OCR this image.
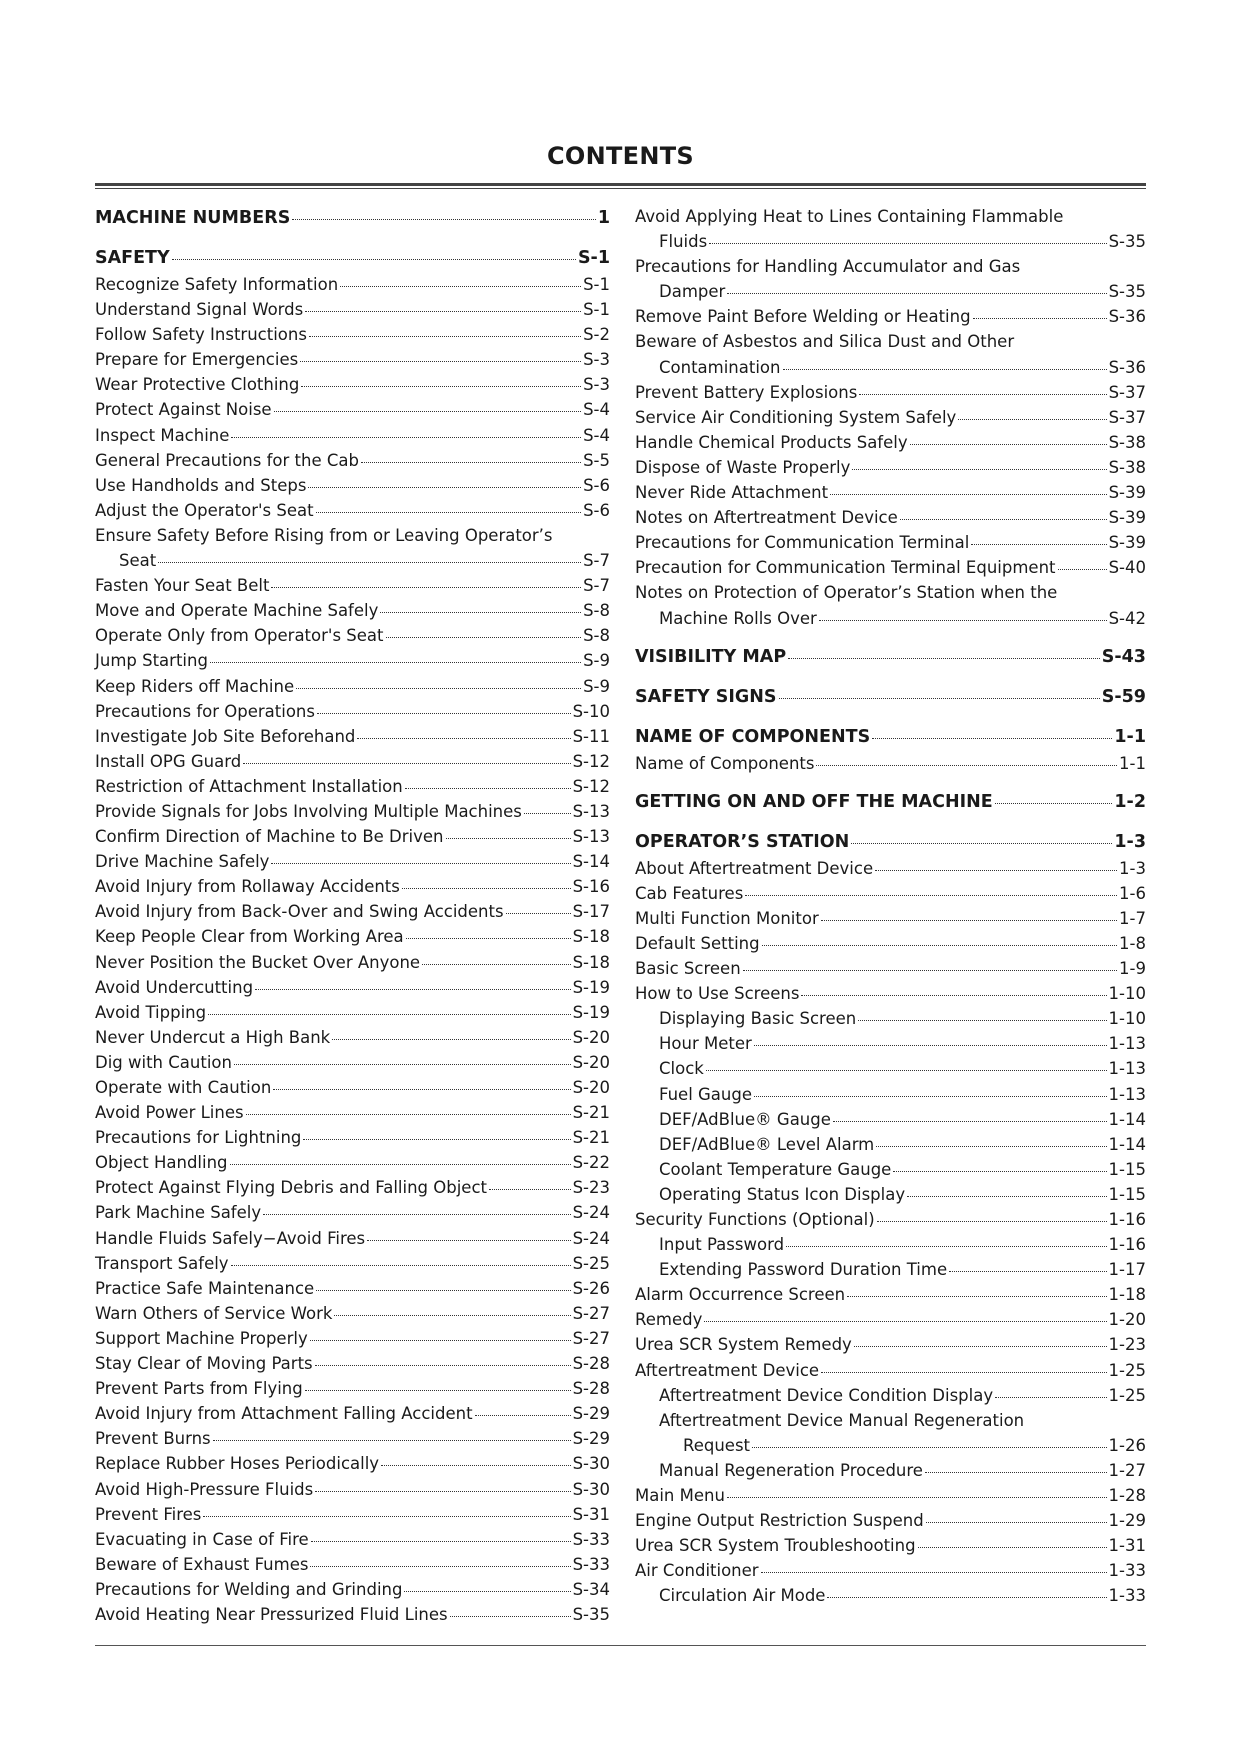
CONTENTS
MACHINE NUMBERS	1
SAFETY	S-1
Recognize Safety Information	S-1
Understand Signal Words	S-1
Follow Safety Instructions	S-2
Prepare for Emergencies	S-3
Wear Protective Clothing	S-3
Protect Against Noise	S-4
Inspect Machine	S-4
General Precautions for the Cab	S-5
Use Handholds and Steps	S-6
Adjust the Operator's Seat	S-6
Ensure Safety Before Rising from or Leaving Operator’s
Seat	S-7
Fasten Your Seat Belt	S-7
Move and Operate Machine Safely	S-8
Operate Only from Operator's Seat	S-8
Jump Starting	S-9
Keep Riders off Machine	S-9
Precautions for Operations	S-10
Investigate Job Site Beforehand	S-11
Install OPG Guard	S-12
Restriction of Attachment Installation	S-12
Provide Signals for Jobs Involving Multiple Machines	S-13
Confirm Direction of Machine to Be Driven	S-13
Drive Machine Safely	S-14
Avoid Injury from Rollaway Accidents	S-16
Avoid Injury from Back-Over and Swing Accidents	S-17
Keep People Clear from Working Area	S-18
Never Position the Bucket Over Anyone	S-18
Avoid Undercutting	S-19
Avoid Tipping	S-19
Never Undercut a High Bank	S-20
Dig with Caution	S-20
Operate with Caution	S-20
Avoid Power Lines	S-21
Precautions for Lightning	S-21
Object Handling	S-22
Protect Against Flying Debris and Falling Object	S-23
Park Machine Safely	S-24
Handle Fluids Safely−Avoid Fires	S-24
Transport Safely	S-25
Practice Safe Maintenance	S-26
Warn Others of Service Work	S-27
Support Machine Properly	S-27
Stay Clear of Moving Parts	S-28
Prevent Parts from Flying	S-28
Avoid Injury from Attachment Falling Accident	S-29
Prevent Burns	S-29
Replace Rubber Hoses Periodically	S-30
Avoid High-Pressure Fluids	S-30
Prevent Fires	S-31
Evacuating in Case of Fire	S-33
Beware of Exhaust Fumes	S-33
Precautions for Welding and Grinding	S-34
Avoid Heating Near Pressurized Fluid Lines	S-35
Avoid Applying Heat to Lines Containing Flammable
Fluids	S-35
Precautions for Handling Accumulator and Gas
Damper	S-35
Remove Paint Before Welding or Heating	S-36
Beware of Asbestos and Silica Dust and Other
Contamination	S-36
Prevent Battery Explosions	S-37
Service Air Conditioning System Safely	S-37
Handle Chemical Products Safely	S-38
Dispose of Waste Properly	S-38
Never Ride Attachment	S-39
Notes on Aftertreatment Device	S-39
Precautions for Communication Terminal	S-39
Precaution for Communication Terminal Equipment	S-40
Notes on Protection of Operator’s Station when the
Machine Rolls Over	S-42
VISIBILITY MAP	S-43
SAFETY SIGNS	S-59
NAME OF COMPONENTS	1-1
Name of Components	1-1
GETTING ON AND OFF THE MACHINE	1-2
OPERATOR’S STATION	1-3
About Aftertreatment Device	1-3
Cab Features	1-6
Multi Function Monitor	1-7
Default Setting	1-8
Basic Screen	1-9
How to Use Screens	1-10
Displaying Basic Screen	1-10
Hour Meter	1-13
Clock	1-13
Fuel Gauge	1-13
DEF/AdBlue® Gauge	1-14
DEF/AdBlue® Level Alarm	1-14
Coolant Temperature Gauge	1-15
Operating Status Icon Display	1-15
Security Functions (Optional)	1-16
Input Password	1-16
Extending Password Duration Time	1-17
Alarm Occurrence Screen	1-18
Remedy	1-20
Urea SCR System Remedy	1-23
Aftertreatment Device	1-25
Aftertreatment Device Condition Display	1-25
Aftertreatment Device Manual Regeneration
Request	1-26
Manual Regeneration Procedure	1-27
Main Menu	1-28
Engine Output Restriction Suspend	1-29
Urea SCR System Troubleshooting	1-31
Air Conditioner	1-33
Circulation Air Mode	1-33
